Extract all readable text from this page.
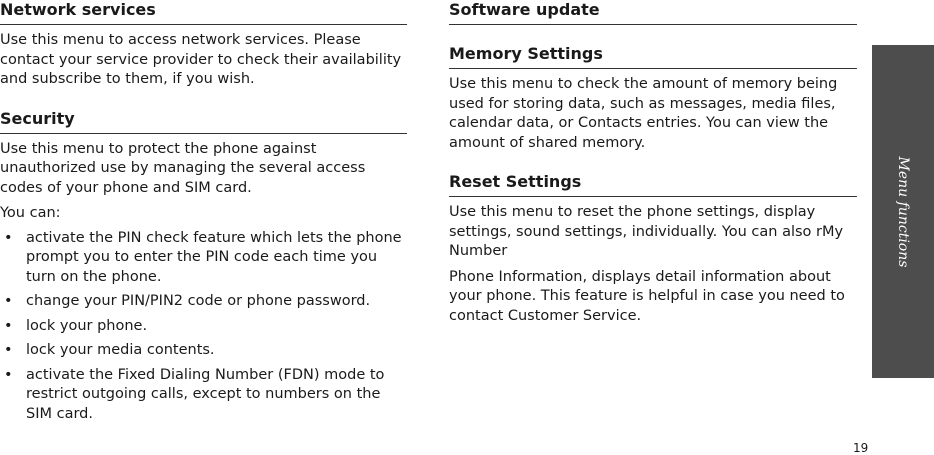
Network services

Use this menu to access network services. Please contact your service provider to check their availability and subscribe to them, if you wish.

Security

Use this menu to protect the phone against unauthorized use by managing the several access codes of your phone and SIM card.

You can:

• activate the PIN check feature which lets the phone prompt you to enter the PIN code each time you turn on the phone.
• change your PIN/PIN2 code or phone password.
• lock your phone.
• lock your media contents.
• activate the Fixed Dialing Number (FDN) mode to restrict outgoing calls, except to numbers on the SIM card.
Software update
Memory Settings

Use this menu to check the amount of memory being used for storing data, such as messages, media files, calendar data, or Contacts entries. You can view the amount of shared memory.

Reset Settings

Use this menu to reset the phone settings, display settings, sound settings, individually. You can also rMy Number

Phone Information, displays detail information about your phone. This feature is helpful in case you need to contact Customer Service.

Menu functions
19
